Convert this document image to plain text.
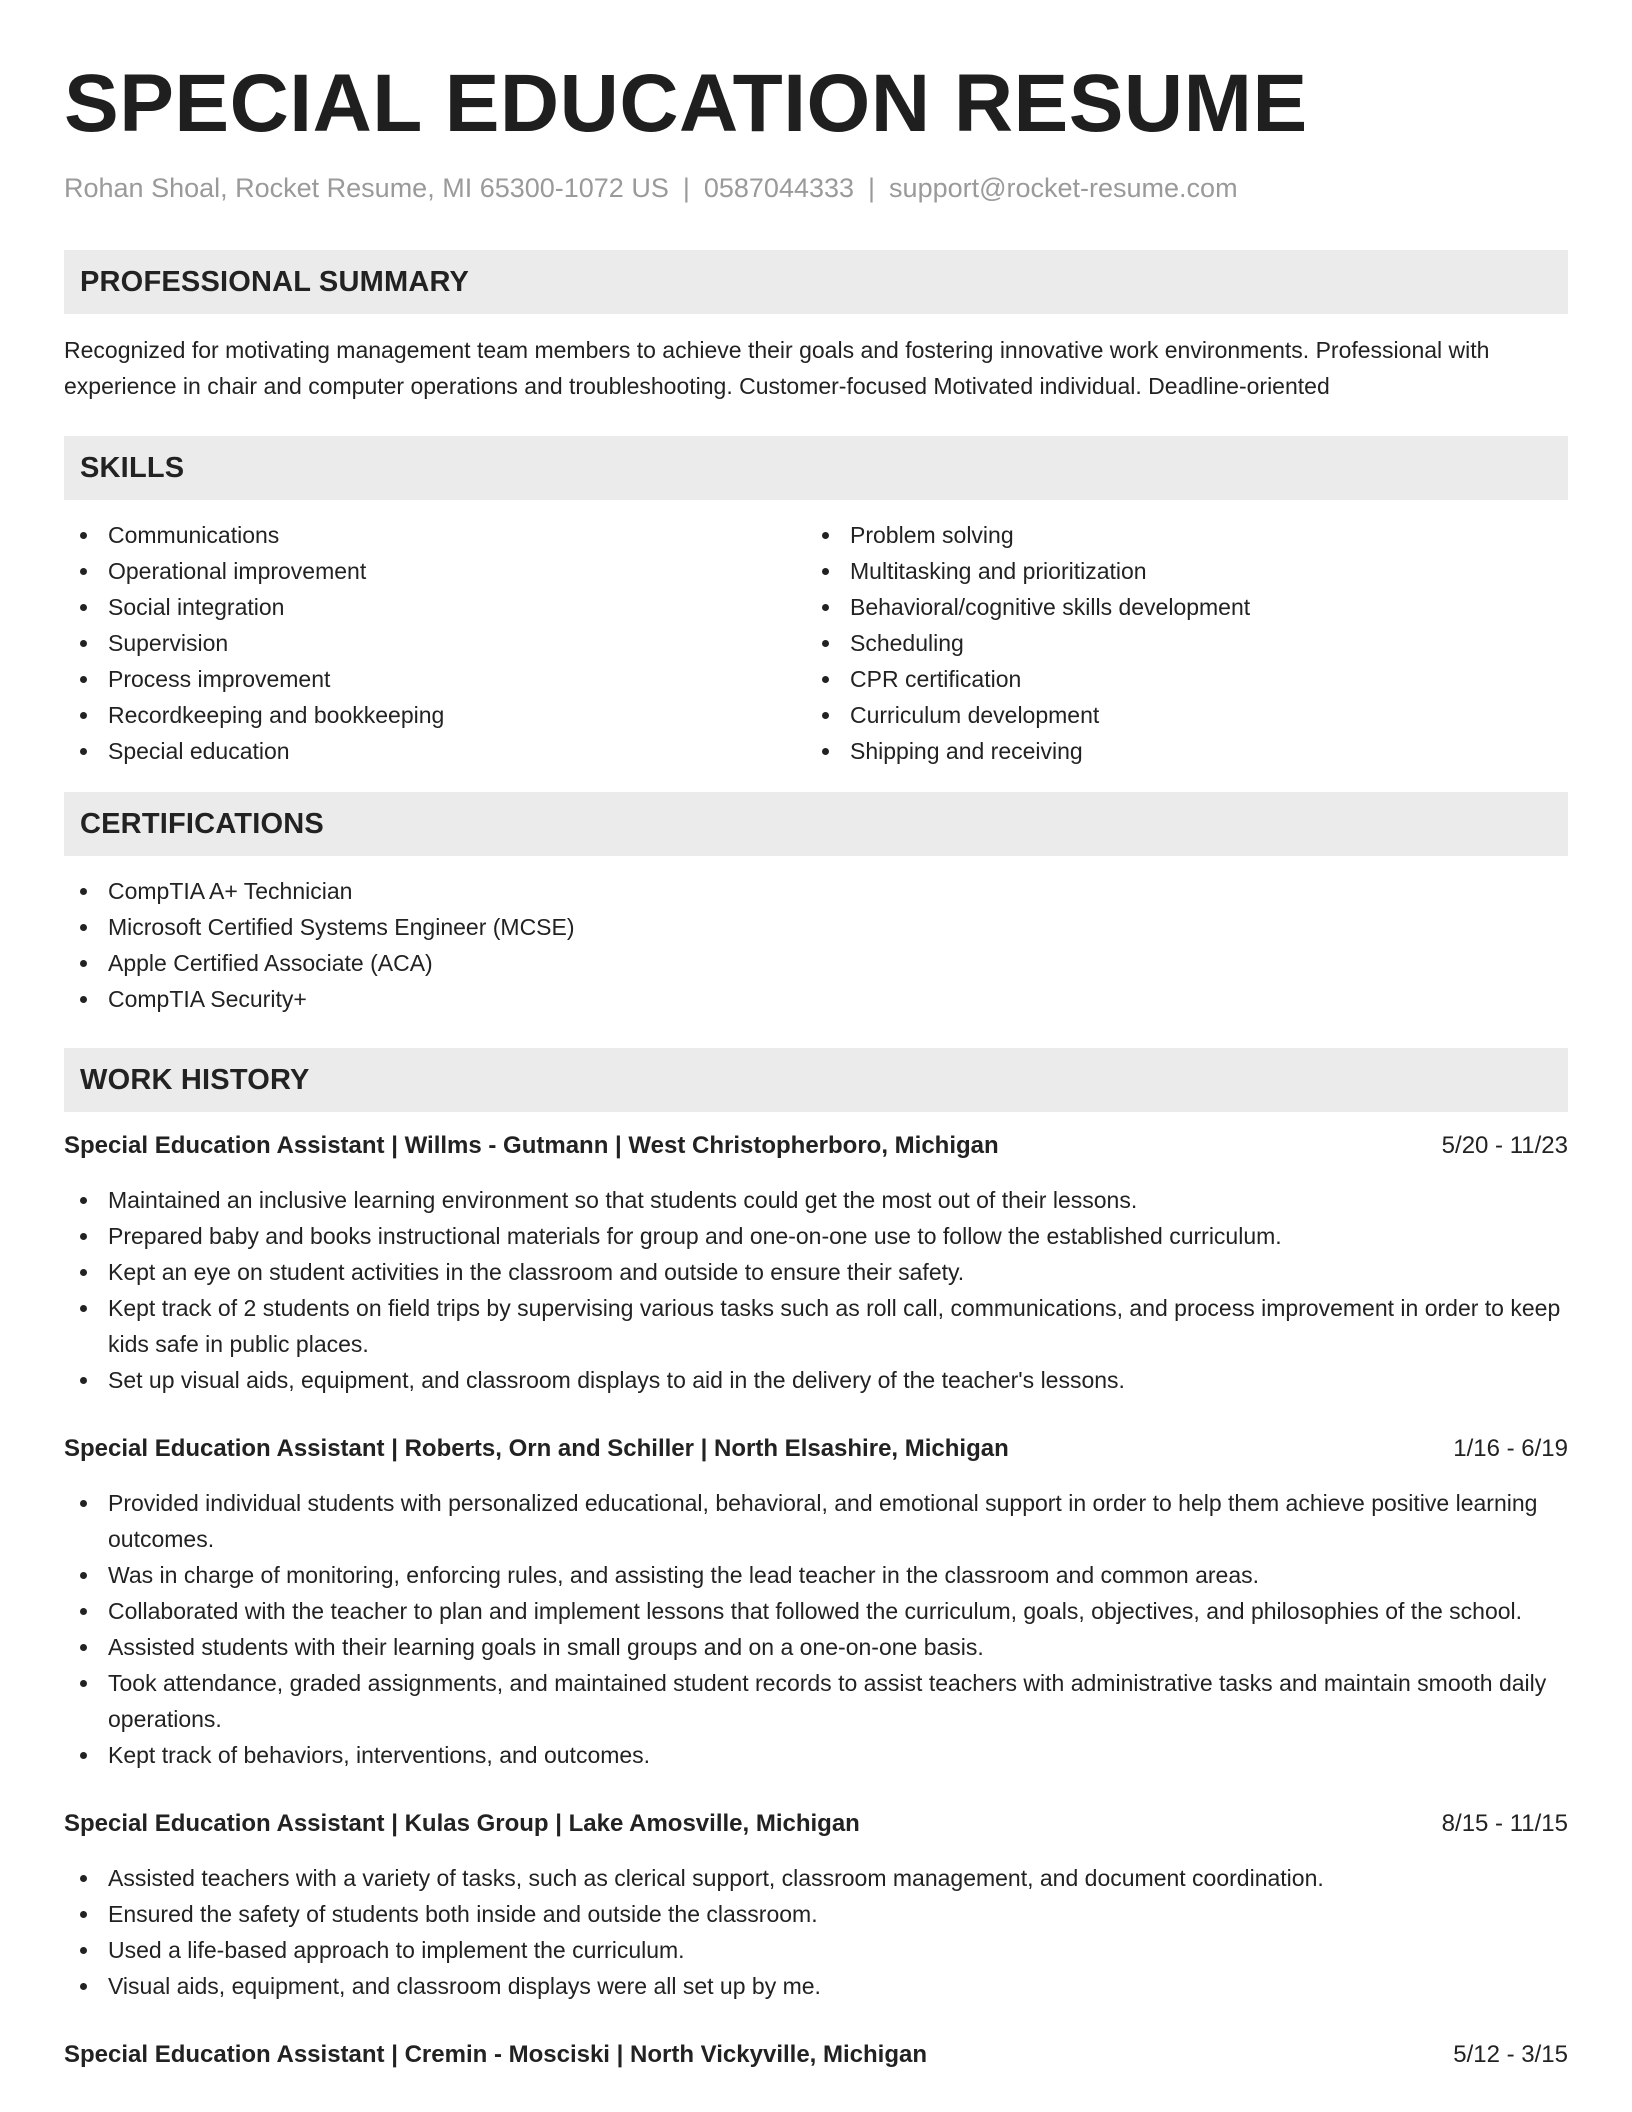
SPECIAL EDUCATION RESUME
Rohan Shoal, Rocket Resume, MI 65300-1072 US | 0587044333 | support@rocket-resume.com
PROFESSIONAL SUMMARY

Recognized for motivating management team members to achieve their goals and fostering innovative work environments. Professional with experience in chair and computer operations and troubleshooting. Customer-focused Motivated individual. Deadline-oriented

SKILLS
Communications
Operational improvement
Social integration
Supervision
Process improvement
Recordkeeping and bookkeeping
Special education
Problem solving
Multitasking and prioritization
Behavioral/cognitive skills development
Scheduling
CPR certification
Curriculum development
Shipping and receiving
CERTIFICATIONS
CompTIA A+ Technician
Microsoft Certified Systems Engineer (MCSE)
Apple Certified Associate (ACA)
CompTIA Security+
WORK HISTORY
Special Education Assistant | Willms - Gutmann | West Christopherboro, Michigan	5/20 - 11/23
Maintained an inclusive learning environment so that students could get the most out of their lessons.
Prepared baby and books instructional materials for group and one-on-one use to follow the established curriculum.
Kept an eye on student activities in the classroom and outside to ensure their safety.
Kept track of 2 students on field trips by supervising various tasks such as roll call, communications, and process improvement in order to keep kids safe in public places.
Set up visual aids, equipment, and classroom displays to aid in the delivery of the teacher's lessons.
Special Education Assistant | Roberts, Orn and Schiller | North Elsashire, Michigan	1/16 - 6/19
Provided individual students with personalized educational, behavioral, and emotional support in order to help them achieve positive learning outcomes.
Was in charge of monitoring, enforcing rules, and assisting the lead teacher in the classroom and common areas.
Collaborated with the teacher to plan and implement lessons that followed the curriculum, goals, objectives, and philosophies of the school.
Assisted students with their learning goals in small groups and on a one-on-one basis.
Took attendance, graded assignments, and maintained student records to assist teachers with administrative tasks and maintain smooth daily operations.
Kept track of behaviors, interventions, and outcomes.
Special Education Assistant | Kulas Group | Lake Amosville, Michigan	8/15 - 11/15
Assisted teachers with a variety of tasks, such as clerical support, classroom management, and document coordination.
Ensured the safety of students both inside and outside the classroom.
Used a life-based approach to implement the curriculum.
Visual aids, equipment, and classroom displays were all set up by me.
Special Education Assistant | Cremin - Mosciski | North Vickyville, Michigan	5/12 - 3/15
